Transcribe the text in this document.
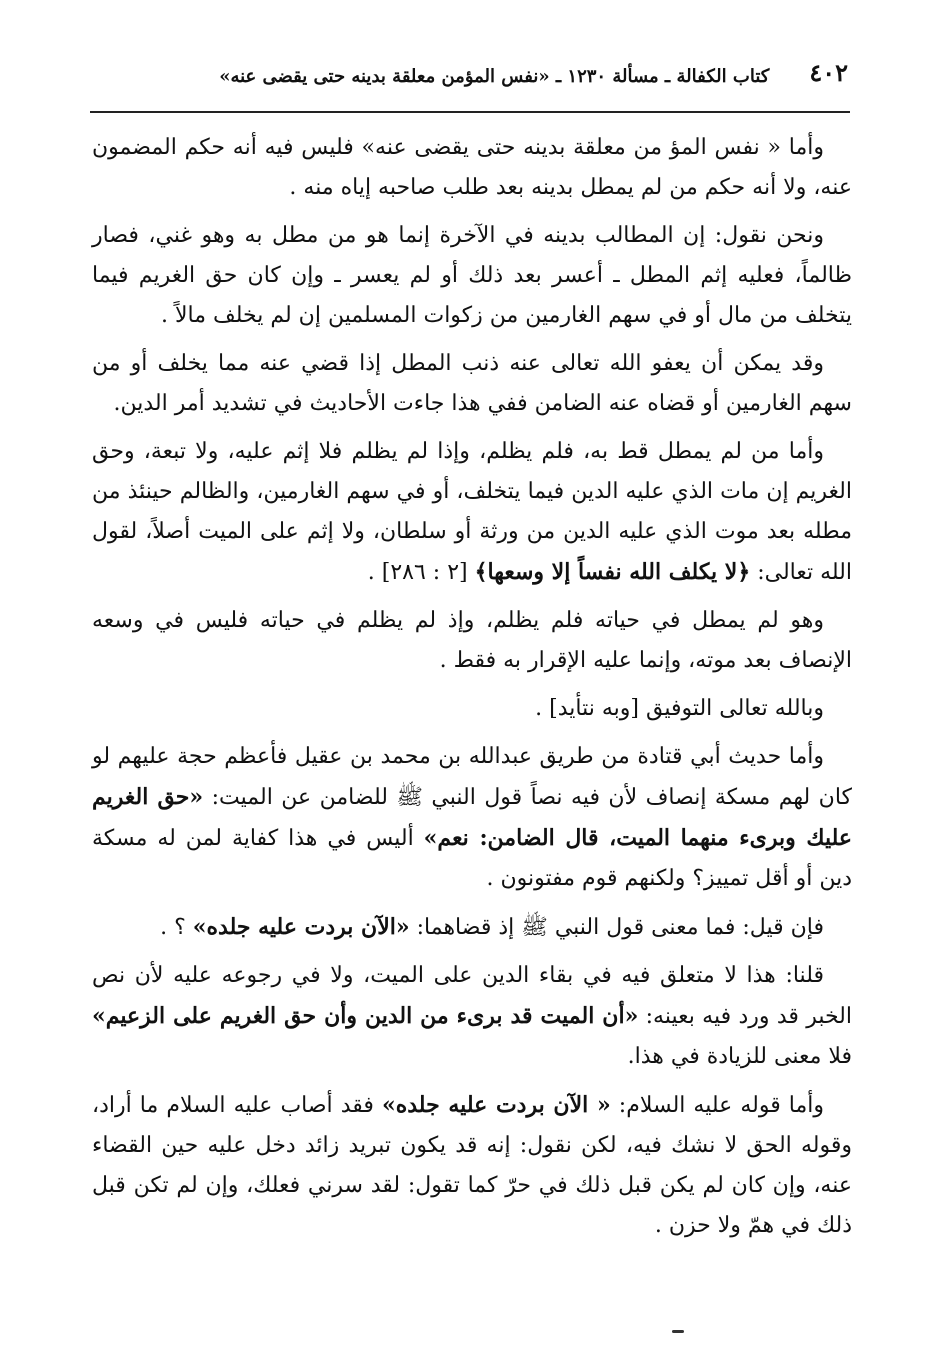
٤٠٢
كتاب الكفالة ـ مسألة ١٢٣٠ ـ «نفس المؤمن معلقة بدينه حتى يقضى عنه»

وأما « نفس المؤ من معلقة بدينه حتى يقضى عنه» فليس فيه أنه حكم المضمون عنه، ولا أنه حكم من لم يمطل بدينه بعد طلب صاحبه إياه منه .

ونحن نقول: إن المطالب بدينه في الآخرة إنما هو من مطل به وهو غني، فصار ظالماً، فعليه إثم المطل ـ أعسر بعد ذلك أو لم يعسر ـ وإن كان حق الغريم فيما يتخلف من مال أو في سهم الغارمين من زكوات المسلمين إن لم يخلف مالاً .

وقد يمكن أن يعفو الله تعالى عنه ذنب المطل إذا قضي عنه مما يخلف أو من سهم الغارمين أو قضاه عنه الضامن ففي هذا جاءت الأحاديث في تشديد أمر الدين.

وأما من لم يمطل قط به، فلم يظلم، وإذا لم يظلم فلا إثم عليه، ولا تبعة، وحق الغريم إن مات الذي عليه الدين فيما يتخلف، أو في سهم الغارمين، والظالم حينئذ من مطله بعد موت الذي عليه الدين من ورثة أو سلطان، ولا إثم على الميت أصلاً، لقول الله تعالى: ﴿لا يكلف الله نفساً إلا وسعها﴾ [٢ : ٢٨٦] .

وهو لم يمطل في حياته فلم يظلم، وإذ لم يظلم في حياته فليس في وسعه الإنصاف بعد موته، وإنما عليه الإقرار به فقط .

وبالله تعالى التوفيق [وبه نتأيد] .

وأما حديث أبي قتادة من طريق عبدالله بن محمد بن عقيل فأعظم حجة عليهم لو كان لهم مسكة إنصاف لأن فيه نصاً قول النبي ﷺ للضامن عن الميت: «حق الغريم عليك وبرىء منهما الميت، قال الضامن: نعم» أليس في هذا كفاية لمن له مسكة دين أو أقل تمييز؟ ولكنهم قوم مفتونون .

فإن قيل: فما معنى قول النبي ﷺ إذ قضاهما: «الآن بردت عليه جلده» ؟ .

قلنا: هذا لا متعلق فيه في بقاء الدين على الميت، ولا في رجوعه عليه لأن نص الخبر قد ورد فيه بعينه: «أن الميت قد برىء من الدين وأن حق الغريم على الزعيم» فلا معنى للزيادة في هذا.

وأما قوله عليه السلام: « الآن بردت عليه جلده» فقد أصاب عليه السلام ما أراد، وقوله الحق لا نشك فيه، لكن نقول: إنه قد يكون تبريد زائد دخل عليه حين القضاء عنه، وإن كان لم يكن قبل ذلك في حرّ كما تقول: لقد سرني فعلك، وإن لم تكن قبل ذلك في همّ ولا حزن .
